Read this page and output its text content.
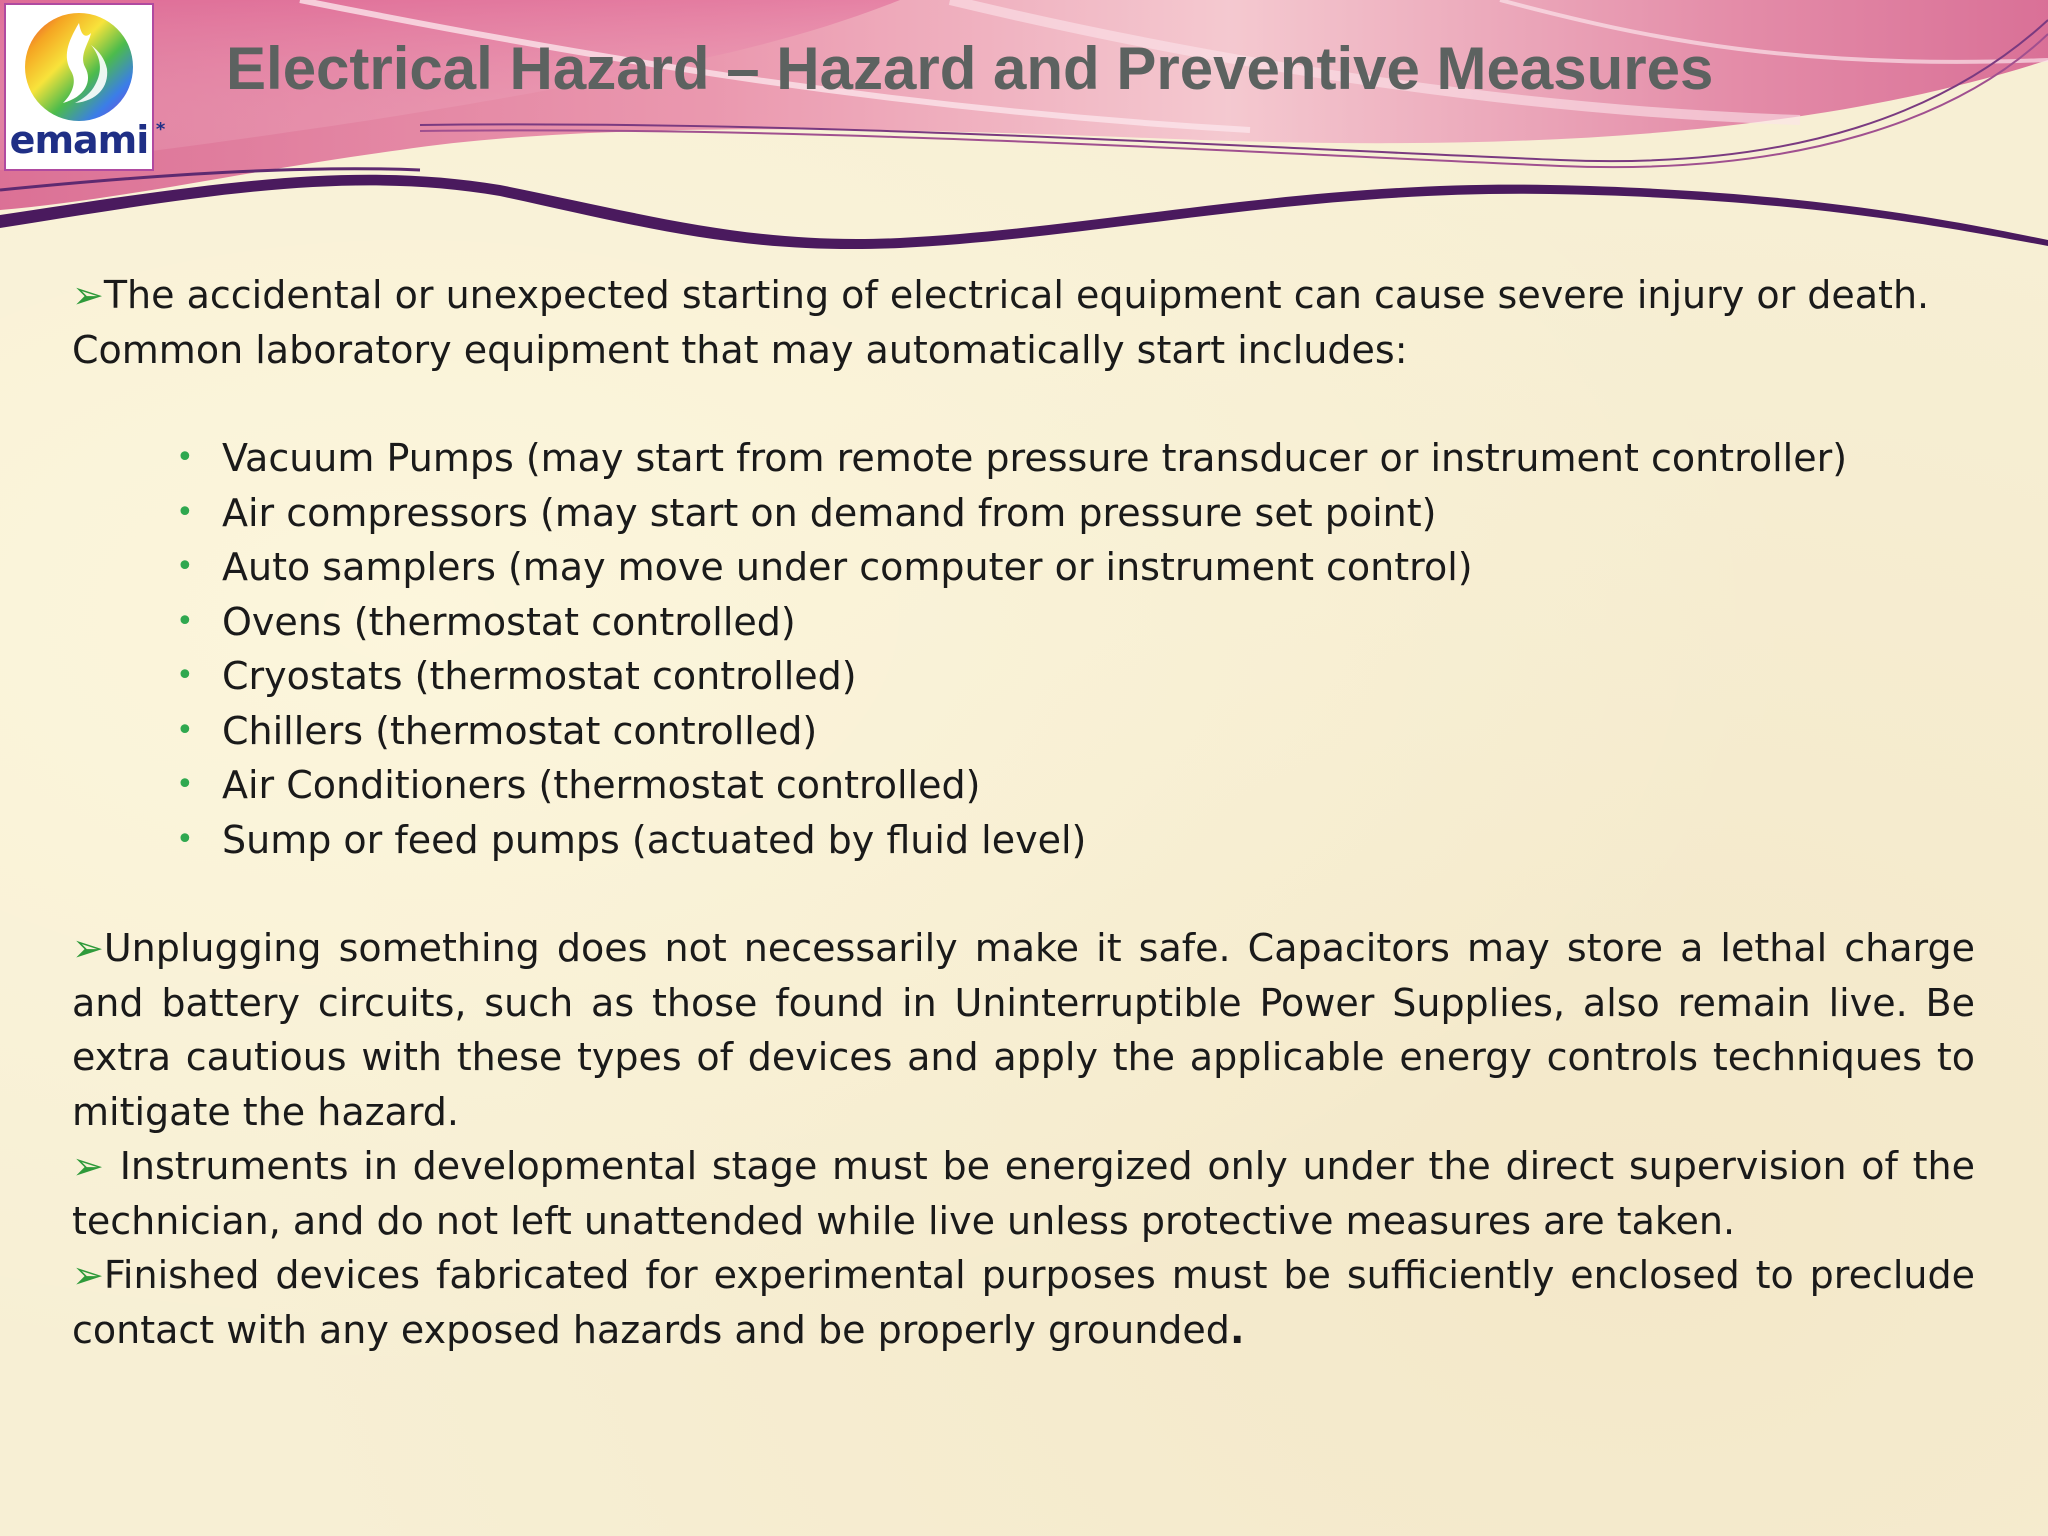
emami *
Electrical Hazard – Hazard and Preventive Measures
➢The accidental or unexpected starting of electrical equipment can cause severe injury or death. Common laboratory equipment that may automatically start includes:
• Vacuum Pumps (may start from remote pressure transducer or instrument controller)
• Air compressors (may start on demand from pressure set point)
• Auto samplers (may move under computer or instrument control)
• Ovens (thermostat controlled)
• Cryostats (thermostat controlled)
• Chillers (thermostat controlled)
• Air Conditioners (thermostat controlled)
• Sump or feed pumps (actuated by fluid level)
➢Unplugging something does not necessarily make it safe. Capacitors may store a lethal charge and battery circuits, such as those found in Uninterruptible Power Supplies, also remain live. Be extra cautious with these types of devices and apply the applicable energy controls techniques to mitigate the hazard.
➢ Instruments in developmental stage must be energized only under the direct supervision of the technician, and do not left unattended while live unless protective measures are taken.
➢Finished devices fabricated for experimental purposes must be sufficiently enclosed to preclude contact with any exposed hazards and be properly grounded.
